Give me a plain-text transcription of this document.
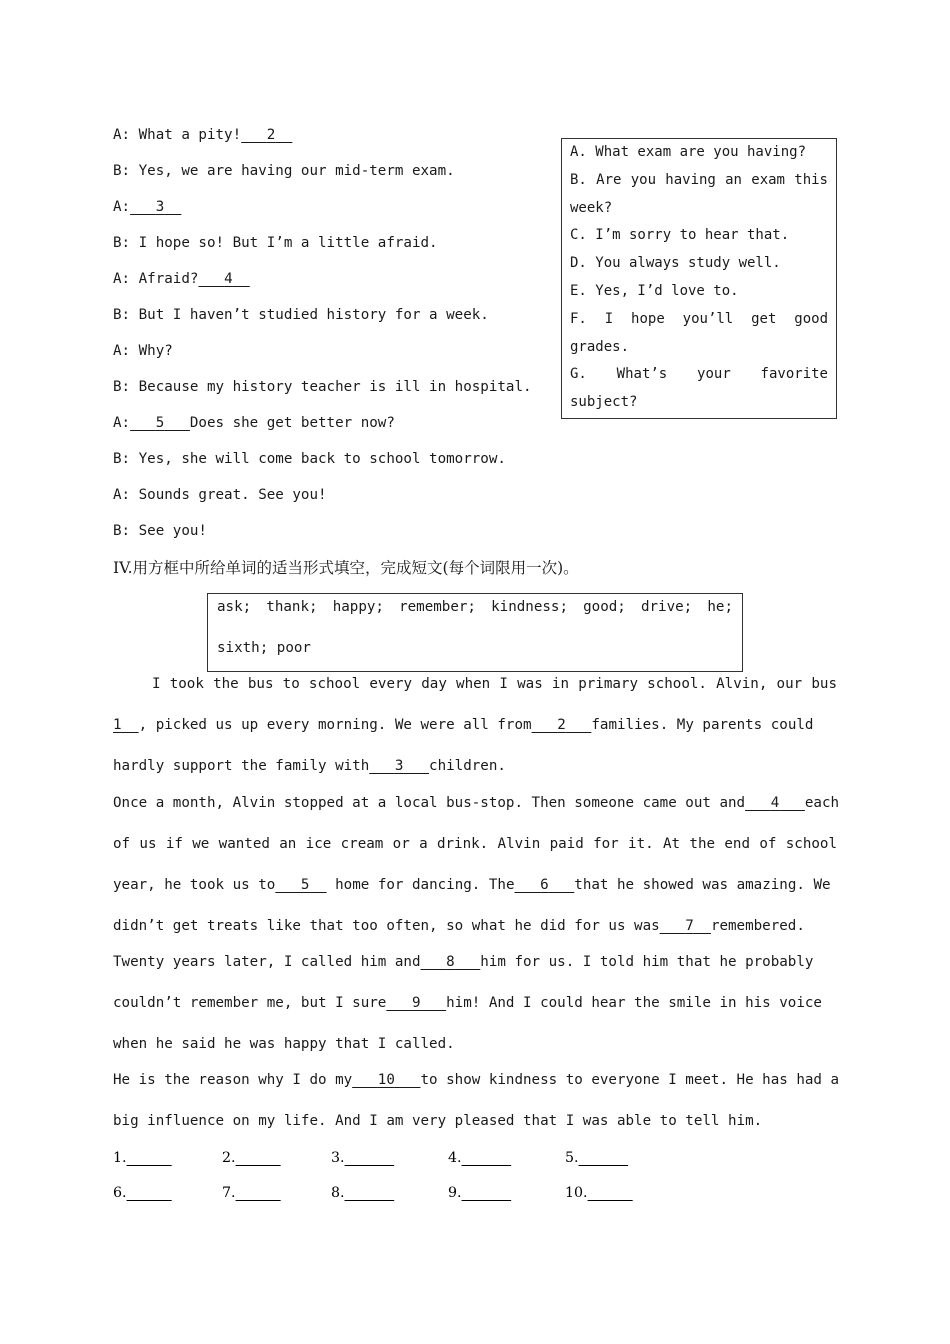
A: What a pity! 2
B: Yes, we are having our mid-term exam.
A: 3
B: I hope so! But I’m a little afraid.
A: Afraid? 4
B: But I haven’t studied history for a week.
A: Why?
B: Because my history teacher is ill in hospital.
A: 5 Does she get better now?
B: Yes, she will come back to school tomorrow.
A: Sounds great. See you!
B: See you!
A. What exam are you having?
B. Are you having an exam this
week?
C. I’m sorry to hear that.
D. You always study well.
E. Yes, I’d love to.
F. I hope you’ll get good
grades.
G. What’s your favorite
subject?
IV.用方框中所给单词的适当形式填空，完成短文(每个词限用一次)。
ask; thank; happy; remember; kindness; good; drive; he;
sixth; poor
I took the bus to school every day when I was in primary school. Alvin, our bus
1 , picked us up every morning. We were all from 2 families. My parents could
hardly support the family with 3 children.
Once a month, Alvin stopped at a local bus-stop. Then someone came out and 4 each
of us if we wanted an ice cream or a drink. Alvin paid for it. At the end of school
year, he took us to 5 home for dancing. The 6 that he showed was amazing. We
didn’t get treats like that too often, so what he did for us was 7 remembered.
Twenty years later, I called him and 8 him for us. I told him that he probably
couldn’t remember me, but I sure 9 him! And I could hear the smile in his voice
when he said he was happy that I called.
He is the reason why I do my 10 to show kindness to everyone I meet. He has had a
big influence on my life. And I am very pleased that I was able to tell him.
1.	2.	3.	4.	5.
6.	7.	8.	9.	10.
